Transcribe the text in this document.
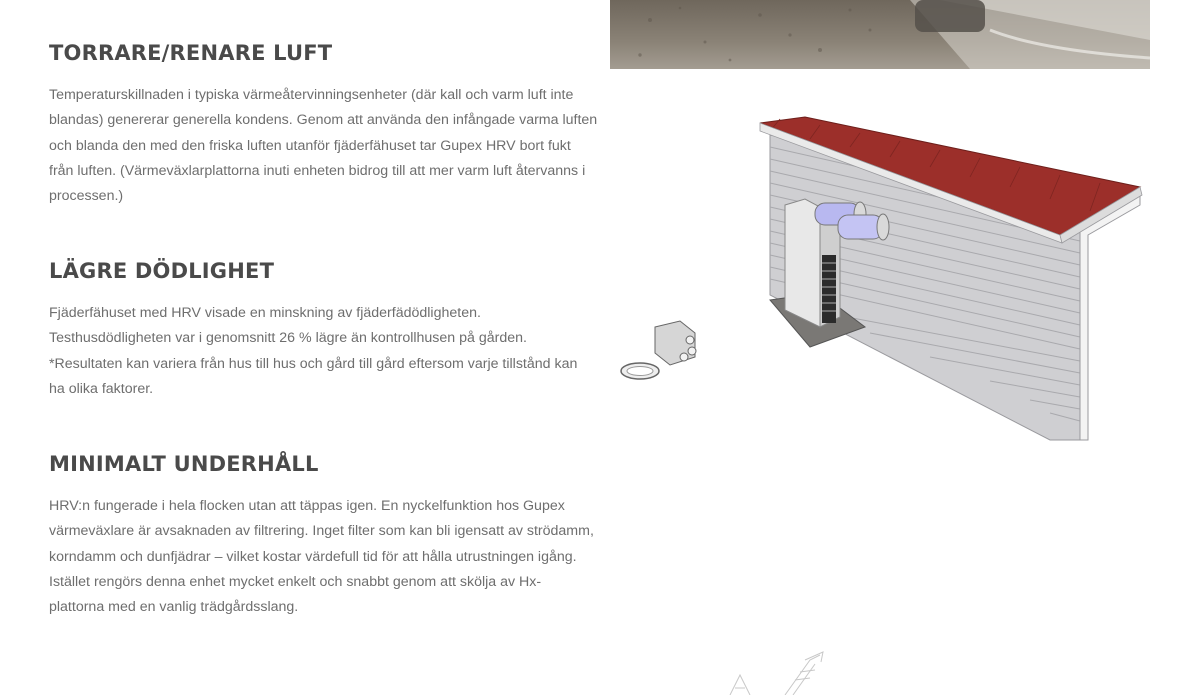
TORRARE/RENARE LUFT

Temperaturskillnaden i typiska värmeåtervinningsenheter (där kall och varm luft inte
blandas) genererar generella kondens. Genom att använda den infångade varma luften
och blanda den med den friska luften utanför fjäderfähuset tar Gupex HRV bort fukt
från luften. (Värmeväxlarplattorna inuti enheten bidrog till att mer varm luft återvanns i
processen.)

LÄGRE DÖDLIGHET

Fjäderfähuset med HRV visade en minskning av fjäderfädödligheten.
Testhusdödligheten var i genomsnitt 26 % lägre än kontrollhusen på gården.
*Resultaten kan variera från hus till hus och gård till gård eftersom varje tillstånd kan
ha olika faktorer.

MINIMALT UNDERHÅLL

HRV:n fungerade i hela flocken utan att täppas igen. En nyckelfunktion hos Gupex
värmeväxlare är avsaknaden av filtrering. Inget filter som kan bli igensatt av strödamm,
korndamm och dunfjädrar – vilket kostar värdefull tid för att hålla utrustningen igång.
Istället rengörs denna enhet mycket enkelt och snabbt genom att skölja av Hx-
plattorna med en vanlig trädgårdsslang.
